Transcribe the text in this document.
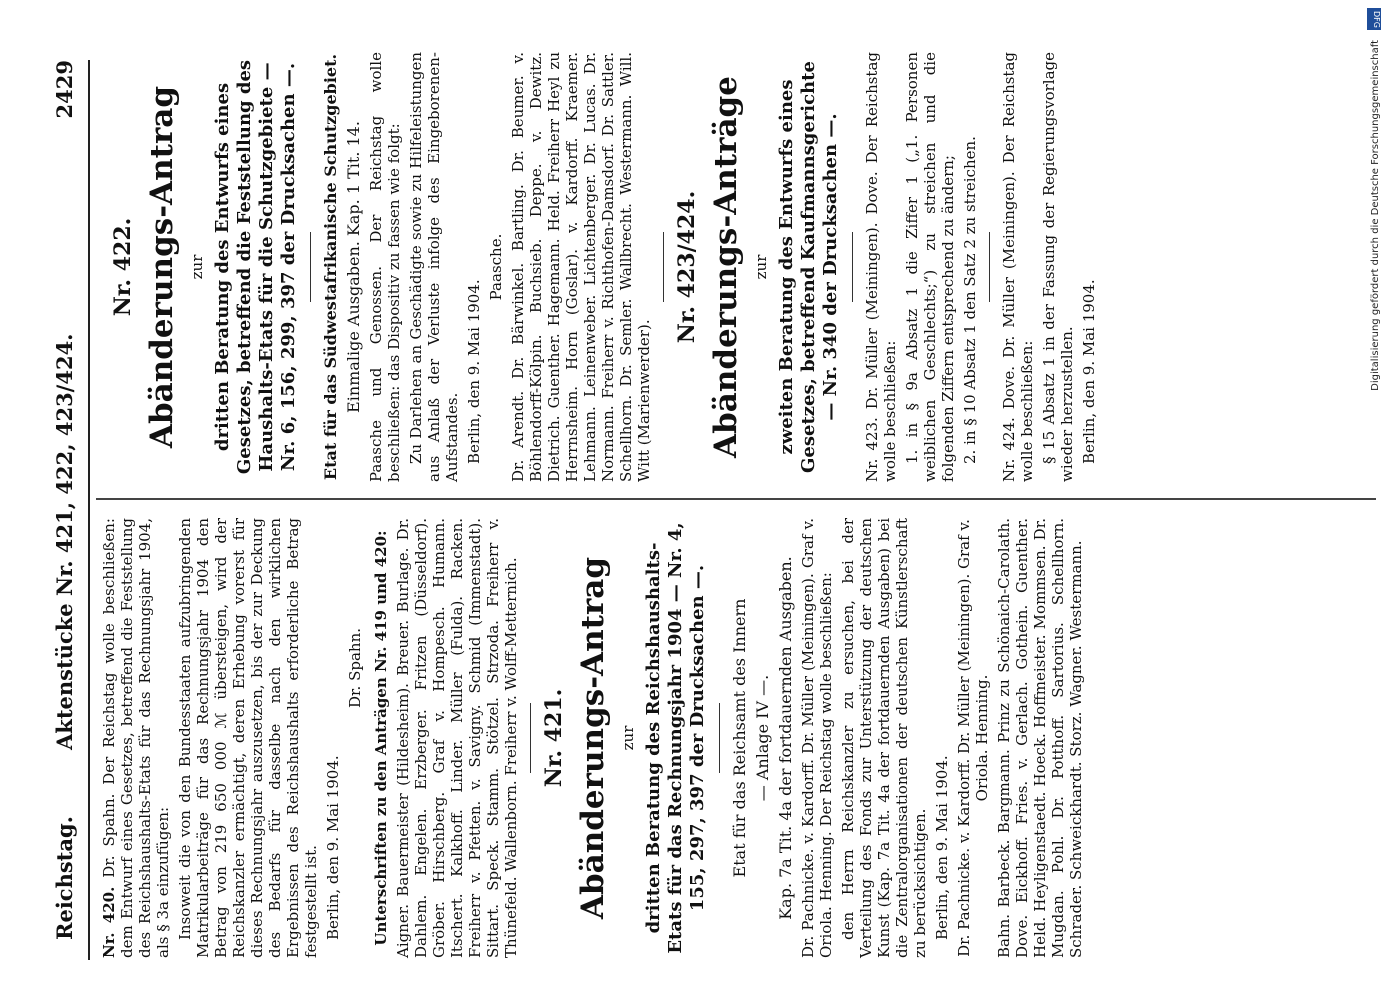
Reichstag.
Aktenstücke Nr. 421, 422, 423/424.
2429

Nr. 420. Dr. Spahn. Der Reichstag wolle beschließen: dem Entwurf eines Gesetzes, betreffend die Feststellung des Reichshaushalts-Etats für das Rechnungsjahr 1904, als § 3a einzufügen: Insoweit die von den Bundesstaaten aufzubringenden Matrikularbeiträge für das Rechnungsjahr 1904 den Betrag von 219 650 000 ℳ übersteigen, wird der Reichskanzler ermächtigt, deren Erhebung vorerst für dieses Rechnungsjahr auszusetzen, bis der zur Deckung des Bedarfs für dasselbe nach den wirklichen Ergebnissen des Reichshaushalts erforderliche Betrag festgestellt ist. Berlin, den 9. Mai 1904.

Dr. Spahn. Unterschriften zu den Anträgen Nr. 419 und 420: Aigner. Bauermeister (Hildesheim). Breuer. Burlage. Dr. Dahlem. Engelen. Erzberger. Fritzen (Düsseldorf). Gröber. Hirschberg. Graf v. Hompesch. Humann. Itschert. Kalkhoff. Linder. Müller (Fulda). Racken. Freiherr v. Pfetten. v. Savigny. Schmid (Immenstadt). Sittart. Speck. Stamm. Stötzel. Strzoda. Freiherr v. Thünefeld. Wallenborn. Freiherr v. Wolff-Metternich. Nr. 421. Abänderungs-Antrag zur dritten Beratung des Reichshaushalts-Etats für das Rechnungsjahr 1904 — Nr. 4, 155, 297, 397 der Drucksachen —. Etat für das Reichsamt des Innern — Anlage IV —. Kap. 7a Tit. 4a der fortdauernden Ausgaben. Dr. Pachnicke. v. Kardorff. Dr. Müller (Meiningen). Graf v. Oriola. Henning. Der Reichstag wolle beschließen: den Herrn Reichskanzler zu ersuchen, bei der Verteilung des Fonds zur Unterstützung der deutschen Kunst (Kap. 7a Tit. 4a der fortdauernden Ausgaben) bei die Zentralorganisationen der deutschen Künstlerschaft zu berücksichtigen. Berlin, den 9. Mai 1904. Dr. Pachnicke. v. Kardorff. Dr. Müller (Meiningen). Graf v. Oriola. Henning. Bahn. Barbeck. Bargmann. Prinz zu Schönaich-Carolath. Dove. Eickhoff. Fries. v. Gerlach. Gothein. Guenther. Held. Heyligenstaedt. Hoeck. Hoffmeister. Mommsen. Dr. Mugdan. Pohl. Dr. Potthoff. Sartorius. Schellhorn. Schrader. Schweickhardt. Storz. Wagner. Westermann.

Nr. 422. Abänderungs-Antrag zur dritten Beratung des Entwurfs eines Gesetzes, betreffend die Feststellung des Haushalts-Etats für die Schutzgebiete — Nr. 6, 156, 299, 397 der Drucksachen —. Etat für das Südwestafrikanische Schutzgebiet. Einmalige Ausgaben. Kap. 1 Tit. 14. Paasche und Genossen. Der Reichstag wolle beschließen: das Dispositiv zu fassen wie folgt: Zu Darlehen an Geschädigte sowie zu Hilfeleistungen aus Anlaß der Verluste infolge des Eingeborenen-Aufstandes. Berlin, den 9. Mai 1904.

Paasche. Dr. Arendt. Dr. Bärwinkel. Bartling. Dr. Beumer. v. Böhlendorff-Kölpin. Buchsieb. Deppe. v. Dewitz. Dietrich. Guenther. Hagemann. Held. Freiherr Heyl zu Herrnsheim. Horn (Goslar). v. Kardorff. Kraemer. Lehmann. Leinenweber. Lichtenberger. Dr. Lucas. Dr. Normann. Freiherr v. Richthofen-Damsdorf. Dr. Sattler. Schellhorn. Dr. Semler. Wallbrecht. Westermann. Will. Witt (Marienwerder).

Nr. 423/424. Abänderungs-Anträge zur zweiten Beratung des Entwurfs eines Gesetzes, betreffend Kaufmannsgerichte — Nr. 340 der Drucksachen —. Nr. 423. Dr. Müller (Meiningen). Dove. Der Reichstag wolle beschließen: 1. in § 9a Absatz 1 die Ziffer 1 („1. Personen weiblichen Geschlechts;“) zu streichen und die folgenden Ziffern entsprechend zu ändern; 2. in § 10 Absatz 1 den Satz 2 zu streichen. Nr. 424. Dove. Dr. Müller (Meiningen). Der Reichstag wolle beschließen: § 15 Absatz 1 in der Fassung der Regierungsvorlage wieder herzustellen. Berlin, den 9. Mai 1904.

DFG
Digitalisierung gefördert durch die Deutsche Forschungsgemeinschaft
